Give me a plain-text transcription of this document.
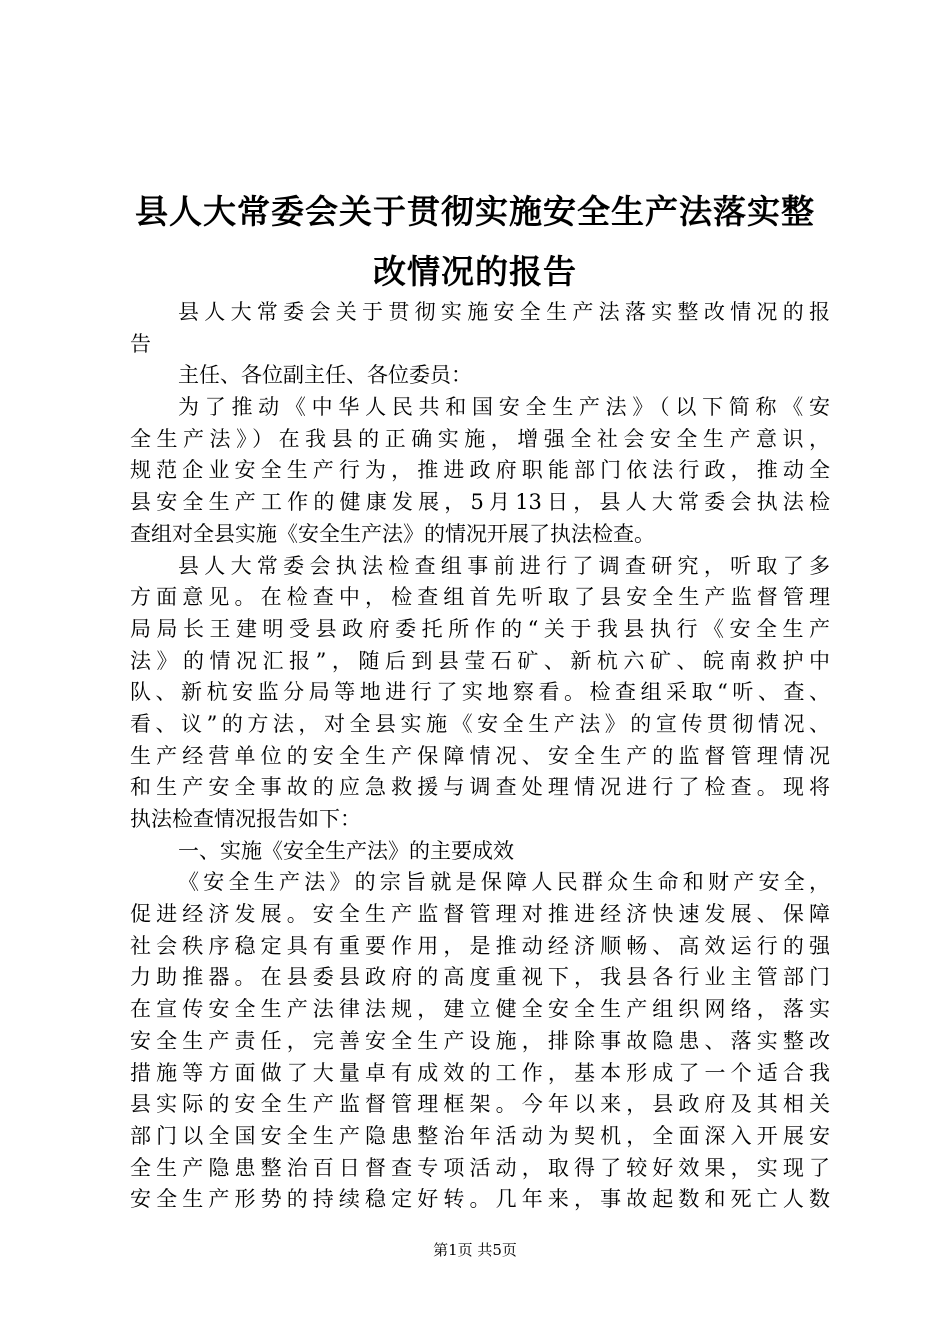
县人大常委会关于贯彻实施安全生产法落实整
改情况的报告
县人大常委会关于贯彻实施安全生产法落实整改情况的报
告
主任、各位副主任、各位委员：
为了推动《中华人民共和国安全生产法》（以下简称《安
全生产法》）在我县的正确实施，增强全社会安全生产意识，
规范企业安全生产行为，推进政府职能部门依法行政，推动全
县安全生产工作的健康发展，5月13日，县人大常委会执法检
查组对全县实施《安全生产法》的情况开展了执法检查。
县人大常委会执法检查组事前进行了调查研究，听取了多
方面意见。在检查中，检查组首先听取了县安全生产监督管理
局局长王建明受县政府委托所作的“关于我县执行《安全生产
法》的情况汇报”，随后到县莹石矿、新杭六矿、皖南救护中
队、新杭安监分局等地进行了实地察看。检查组采取“听、查、
看、议”的方法，对全县实施《安全生产法》的宣传贯彻情况、
生产经营单位的安全生产保障情况、安全生产的监督管理情况
和生产安全事故的应急救援与调查处理情况进行了检查。现将
执法检查情况报告如下：
一、实施《安全生产法》的主要成效
《安全生产法》的宗旨就是保障人民群众生命和财产安全，
促进经济发展。安全生产监督管理对推进经济快速发展、保障
社会秩序稳定具有重要作用，是推动经济顺畅、高效运行的强
力助推器。在县委县政府的高度重视下，我县各行业主管部门
在宣传安全生产法律法规，建立健全安全生产组织网络，落实
安全生产责任，完善安全生产设施，排除事故隐患、落实整改
措施等方面做了大量卓有成效的工作，基本形成了一个适合我
县实际的安全生产监督管理框架。今年以来，县政府及其相关
部门以全国安全生产隐患整治年活动为契机，全面深入开展安
全生产隐患整治百日督查专项活动，取得了较好效果，实现了
安全生产形势的持续稳定好转。几年来，事故起数和死亡人数
第1页 共5页
